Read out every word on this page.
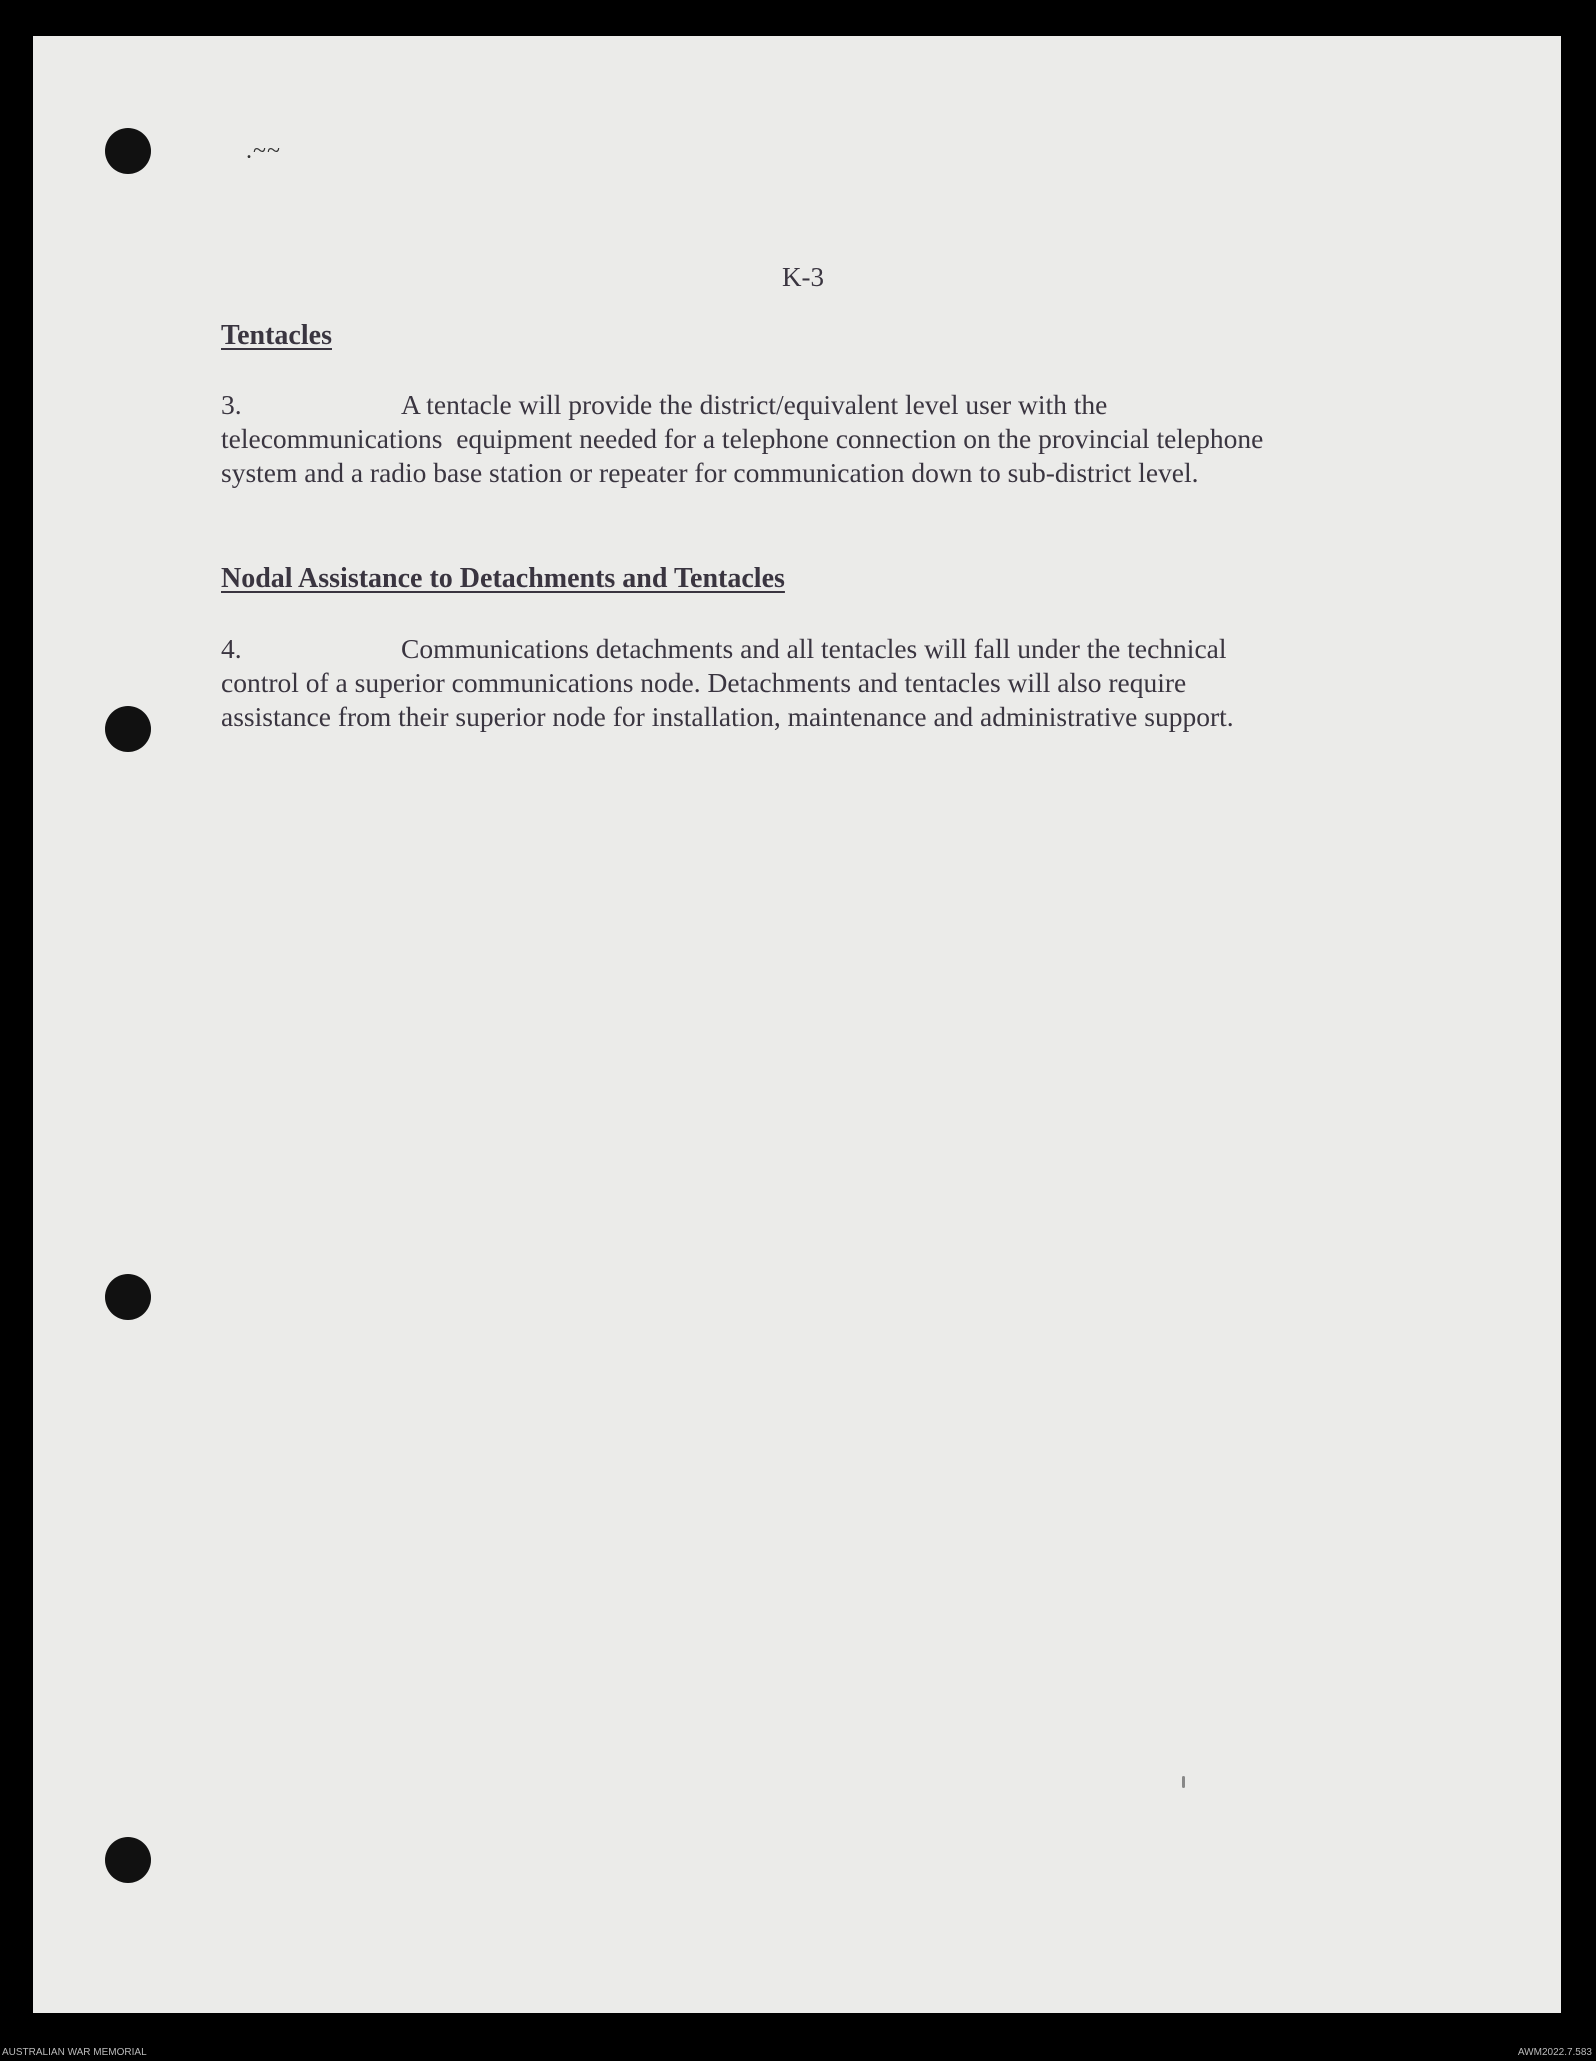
.~~
K-3
Tentacles
3.	A tentacle will provide the district/equivalent level user with the
telecommunications  equipment needed for a telephone connection on the provincial telephone
system and a radio base station or repeater for communication down to sub-district level.
Nodal Assistance to Detachments and Tentacles
4.	Communications detachments and all tentacles will fall under the technical
control of a superior communications node. Detachments and tentacles will also require
assistance from their superior node for installation, maintenance and administrative support.
AUSTRALIAN WAR MEMORIAL	AWM2022.7.583
